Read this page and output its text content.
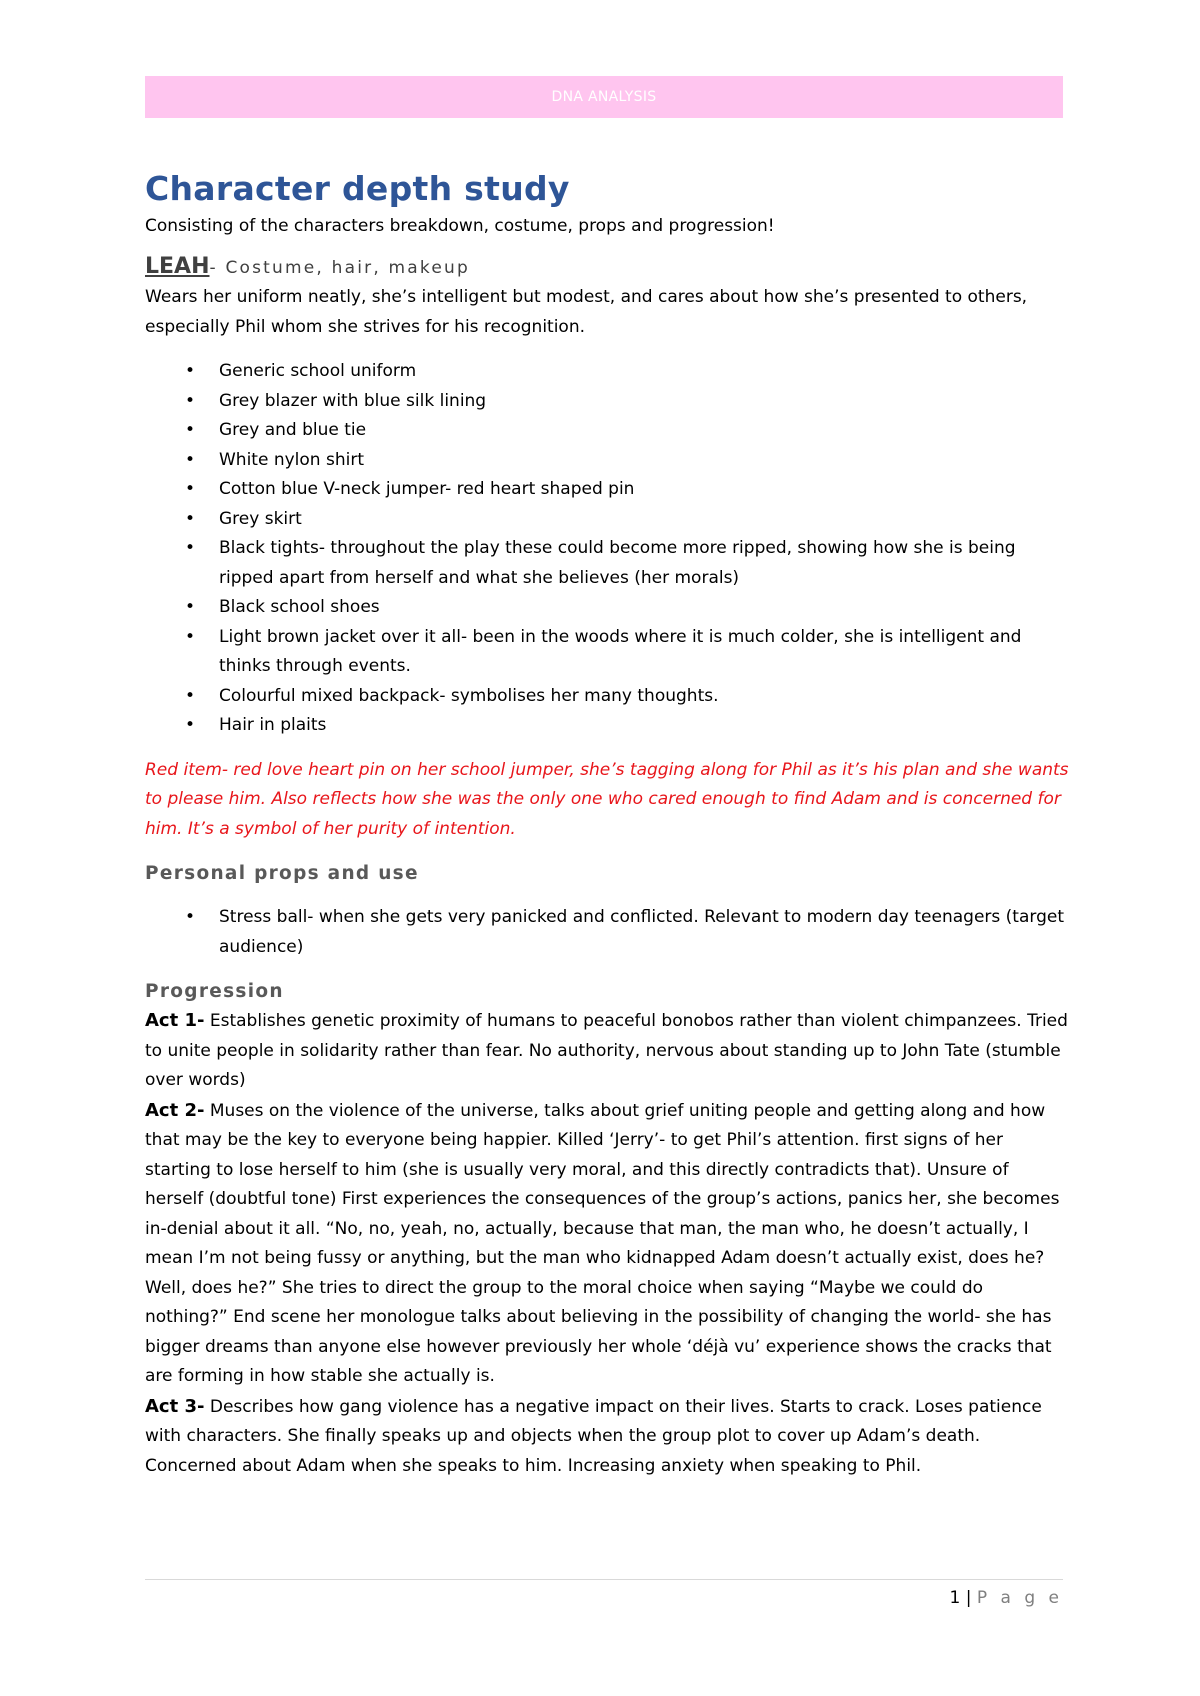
DNA ANALYSIS
Character depth study

Consisting of the characters breakdown, costume, props and progression!

LEAH- Costume, hair, makeup

Wears her uniform neatly, she’s intelligent but modest, and cares about how she’s presented to others, especially Phil whom she strives for his recognition.

• Generic school uniform
• Grey blazer with blue silk lining
• Grey and blue tie
• White nylon shirt
• Cotton blue V-neck jumper- red heart shaped pin
• Grey skirt
• Black tights- throughout the play these could become more ripped, showing how she is being ripped apart from herself and what she believes (her morals)
• Black school shoes
• Light brown jacket over it all- been in the woods where it is much colder, she is intelligent and thinks through events.
• Colourful mixed backpack- symbolises her many thoughts.
• Hair in plaits

Red item- red love heart pin on her school jumper, she’s tagging along for Phil as it’s his plan and she wants to please him. Also reflects how she was the only one who cared enough to find Adam and is concerned for him. It’s a symbol of her purity of intention.

Personal props and use
• Stress ball- when she gets very panicked and conflicted. Relevant to modern day teenagers (target audience)
Progression

Act 1- Establishes genetic proximity of humans to peaceful bonobos rather than violent chimpanzees. Tried to unite people in solidarity rather than fear. No authority, nervous about standing up to John Tate (stumble over words)

Act 2- Muses on the violence of the universe, talks about grief uniting people and getting along and how that may be the key to everyone being happier. Killed ‘Jerry’- to get Phil’s attention. first signs of her starting to lose herself to him (she is usually very moral, and this directly contradicts that). Unsure of herself (doubtful tone) First experiences the consequences of the group’s actions, panics her, she becomes in-denial about it all. “No, no, yeah, no, actually, because that man, the man who, he doesn’t actually, I mean I’m not being fussy or anything, but the man who kidnapped Adam doesn’t actually exist, does he? Well, does he?” She tries to direct the group to the moral choice when saying “Maybe we could do nothing?” End scene her monologue talks about believing in the possibility of changing the world- she has bigger dreams than anyone else however previously her whole ‘déjà vu’ experience shows the cracks that are forming in how stable she actually is.

Act 3- Describes how gang violence has a negative impact on their lives. Starts to crack. Loses patience with characters. She finally speaks up and objects when the group plot to cover up Adam’s death. Concerned about Adam when she speaks to him. Increasing anxiety when speaking to Phil.

1 | P a g e
